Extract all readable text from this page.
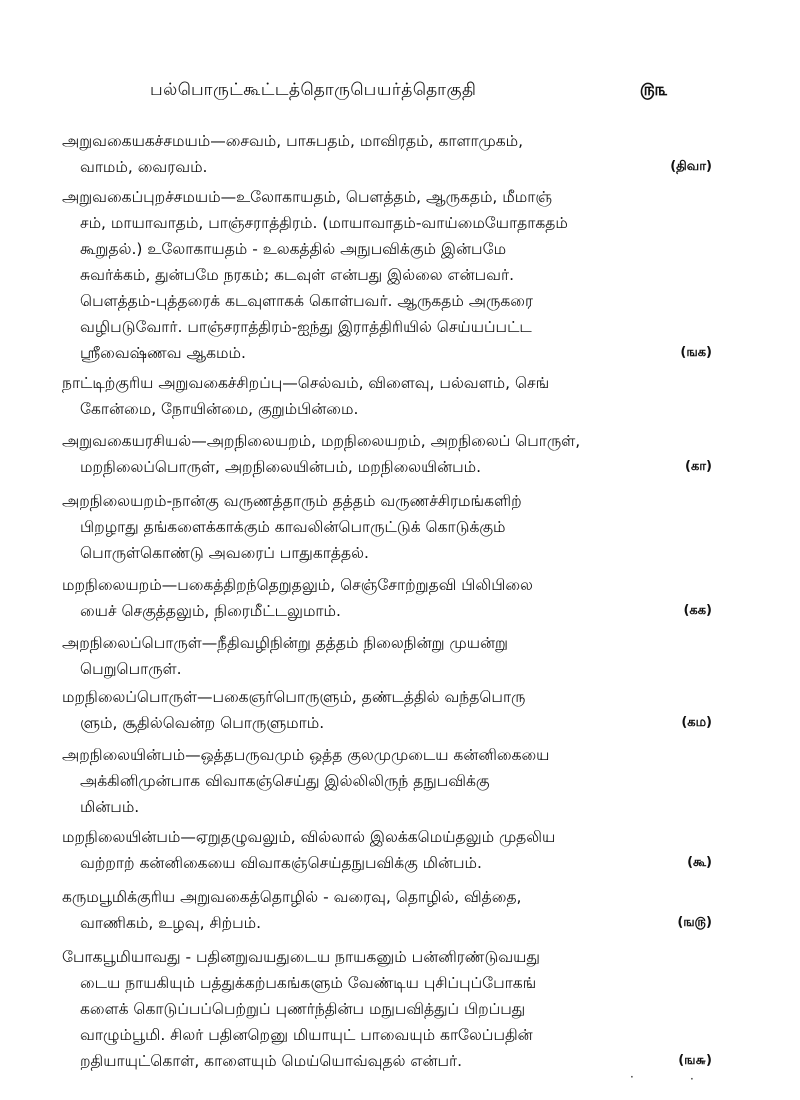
பல்பொருட்கூட்டத்தொருபெயர்த்தொகுதி	௫௩
அறுவகையகச்சமயம்—சைவம், பாசுபதம், மாவிரதம், காளாமுகம்,
வாமம், வைரவம்.	(திவா)
அறுவகைப்புறச்சமயம்—உலோகாயதம், பௌத்தம், ஆருகதம், மீமாஞ்
சம், மாயாவாதம், பாஞ்சராத்திரம். (மாயாவாதம்-வாய்மையோதாகதம்
கூறுதல்.) உலோகாயதம் - உலகத்தில் அநுபவிக்கும் இன்பமே
சுவர்க்கம், துன்பமே நரகம்; கடவுள் என்பது இல்லை என்பவர்.
பௌத்தம்-புத்தரைக் கடவுளாகக் கொள்பவர். ஆருகதம் அருகரை
வழிபடுவோர். பாஞ்சராத்திரம்-ஐந்து இராத்திரியில் செய்யப்பட்ட
ஸ்ரீவைஷ்ணவ ஆகமம்.	(ஙக)
நாட்டிற்குரிய அறுவகைச்சிறப்பு—செல்வம், விளைவு, பல்வளம், செங்
கோன்மை, நோயின்மை, குறும்பின்மை.
அறுவகையரசியல்—அறநிலையறம், மறநிலையறம், அறநிலைப் பொருள்,
மறநிலைப்பொருள், அறநிலையின்பம், மறநிலையின்பம்.	(கா)
அறநிலையறம்-நான்கு வருணத்தாரும் தத்தம் வருணச்சிரமங்களிற்
பிறழாது தங்களைக்காக்கும் காவலின்பொருட்டுக் கொடுக்கும்
பொருள்கொண்டு அவரைப் பாதுகாத்தல்.
மறநிலையறம்—பகைத்திறந்தெறுதலும், செஞ்சோற்றுதவி பிலிபிலை
யைச் செகுத்தலும், நிரைமீட்டலுமாம்.	(கக)
அறநிலைப்பொருள்—நீதிவழிநின்று தத்தம் நிலைநின்று முயன்று
பெறுபொருள்.
மறநிலைப்பொருள்—பகைஞர்பொருளும், தண்டத்தில் வந்தபொரு
ளும், சூதில்வென்ற பொருளுமாம்.	(கம)
அறநிலையின்பம்—ஒத்தபருவமும் ஒத்த குலமுமுடைய கன்னிகையை
அக்கினிமுன்பாக விவாகஞ்செய்து இல்லிலிருந் தநுபவிக்கு
மின்பம்.
மறநிலையின்பம்—ஏறுதழுவலும், வில்லால் இலக்கமெய்தலும் முதலிய
வற்றாற் கன்னிகையை விவாகஞ்செய்தநுபவிக்கு மின்பம்.	(கூ)
கருமபூமிக்குரிய அறுவகைத்தொழில் - வரைவு, தொழில், வித்தை,
வாணிகம், உழவு, சிற்பம்.	(ங௫)
போகபூமியாவது - பதினறுவயதுடைய நாயகனும் பன்னிரண்டுவயது
டைய நாயகியும் பத்துக்கற்பகங்களும் வேண்டிய புசிப்புப்போகங்
களைக் கொடுப்பப்பெற்றுப் புணர்ந்தின்ப மநுபவித்துப் பிறப்பது
வாழும்பூமி. சிலர் பதினறெனு மியாயுட் பாவையும் காலேப்பதின்
றதியாயுட்கொள், காளையும் மெய்யொவ்வுதல் என்பர்.	(ங௬)
·	·
